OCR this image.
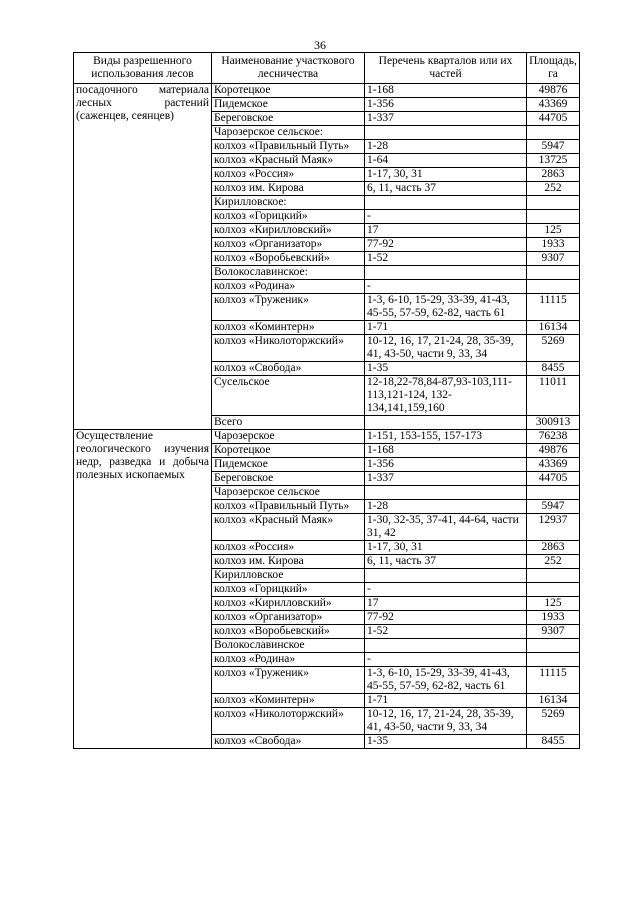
36
Виды разрешенного использования лесов	Наименование участкового лесничества	Перечень кварталов или их частей	Площадь, га
посадочного материала лесных растений (саженцев, сеянцев)	Коротецкое	1-168	49876
	Пидемское	1-356	43369
	Береговское	1-337	44705
	Чарозерское сельское:		
	колхоз «Правильный Путь»	1-28	5947
	колхоз «Красный Маяк»	1-64	13725
	колхоз «Россия»	1-17, 30, 31	2863
	колхоз им. Кирова	6, 11, часть 37	252
	Кирилловское:		
	колхоз «Горицкий»	-	
	колхоз «Кирилловский»	17	125
	колхоз «Организатор»	77-92	1933
	колхоз «Воробьевский»	1-52	9307
	Волокославинское:		
	колхоз «Родина»	-	
	колхоз «Труженик»	1-3, 6-10, 15-29, 33-39, 41-43, 45-55, 57-59, 62-82, часть 61	11115
	колхоз «Коминтерн»	1-71	16134
	колхоз «Николоторжский»	10-12, 16, 17, 21-24, 28, 35-39, 41, 43-50, части 9, 33, 34	5269
	колхоз «Свобода»	1-35	8455
	Сусельское	12-18,22-78,84-87,93-103,111-113,121-124, 132-134,141,159,160	11011
	Всего		300913
Осуществление геологического изучения недр, разведка и добыча полезных ископаемых	Чарозерское	1-151, 153-155, 157-173	76238
	Коротецкое	1-168	49876
	Пидемское	1-356	43369
	Береговское	1-337	44705
	Чарозерское сельское		
	колхоз «Правильный Путь»	1-28	5947
	колхоз «Красный Маяк»	1-30, 32-35, 37-41, 44-64, части 31, 42	12937
	колхоз «Россия»	1-17, 30, 31	2863
	колхоз им. Кирова	6, 11, часть 37	252
	Кирилловское		
	колхоз «Горицкий»	-	
	колхоз «Кирилловский»	17	125
	колхоз «Организатор»	77-92	1933
	колхоз «Воробьевский»	1-52	9307
	Волокославинское		
	колхоз «Родина»	-	
	колхоз «Труженик»	1-3, 6-10, 15-29, 33-39, 41-43, 45-55, 57-59, 62-82, часть 61	11115
	колхоз «Коминтерн»	1-71	16134
	колхоз «Николоторжский»	10-12, 16, 17, 21-24, 28, 35-39, 41, 43-50, части 9, 33, 34	5269
	колхоз «Свобода»	1-35	8455
